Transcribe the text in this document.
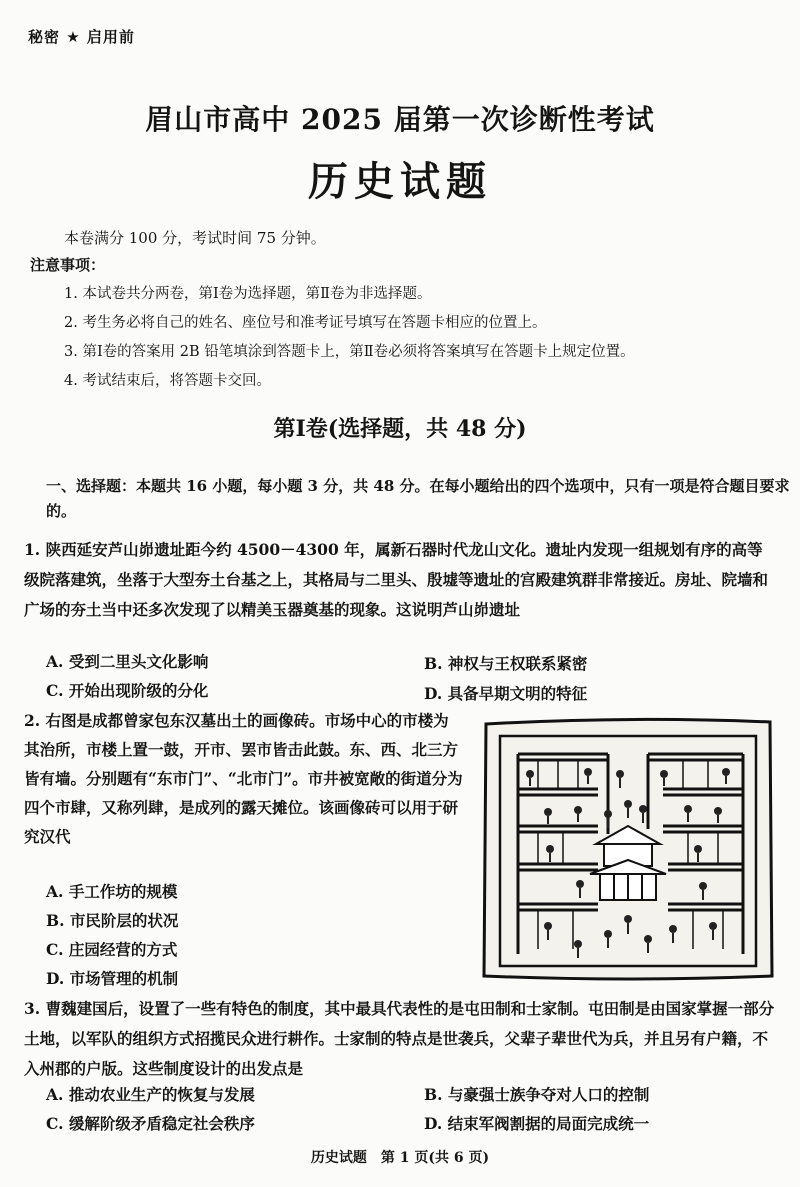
秘密 ★ 启用前
眉山市高中 2025 届第一次诊断性考试
历史试题
本卷满分 100 分，考试时间 75 分钟。
注意事项：
1. 本试卷共分两卷，第Ⅰ卷为选择题，第Ⅱ卷为非选择题。
2. 考生务必将自己的姓名、座位号和准考证号填写在答题卡相应的位置上。
3. 第Ⅰ卷的答案用 2B 铅笔填涂到答题卡上，第Ⅱ卷必须将答案填写在答题卡上规定位置。
4. 考试结束后，将答题卡交回。
第Ⅰ卷(选择题，共 48 分)
一、选择题：本题共 16 小题，每小题 3 分，共 48 分。在每小题给出的四个选项中，只有一项是符合题目要求的。
1. 陕西延安芦山峁遗址距今约 4500－4300 年，属新石器时代龙山文化。遗址内发现一组规划有序的高等级院落建筑，坐落于大型夯土台基之上，其格局与二里头、殷墟等遗址的宫殿建筑群非常接近。房址、院墙和广场的夯土当中还多次发现了以精美玉器奠基的现象。这说明芦山峁遗址
A. 受到二里头文化影响	B. 神权与王权联系紧密
C. 开始出现阶级的分化	D. 具备早期文明的特征
2. 右图是成都曾家包东汉墓出土的画像砖。市场中心的市楼为其治所，市楼上置一鼓，开市、罢市皆击此鼓。东、西、北三方皆有墙。分别题有“东市门”、“北市门”。市井被宽敞的街道分为四个市肆，又称列肆，是成列的露天摊位。该画像砖可以用于研究汉代
A. 手工作坊的规模
B. 市民阶层的状况
C. 庄园经营的方式
D. 市场管理的机制
3. 曹魏建国后，设置了一些有特色的制度，其中最具代表性的是屯田制和士家制。屯田制是由国家掌握一部分土地，以军队的组织方式招揽民众进行耕作。士家制的特点是世袭兵，父辈子辈世代为兵，并且另有户籍，不入州郡的户版。这些制度设计的出发点是
A. 推动农业生产的恢复与发展	B. 与豪强士族争夺对人口的控制
C. 缓解阶级矛盾稳定社会秩序	D. 结束军阀割据的局面完成统一
历史试题　第 1 页(共 6 页)
